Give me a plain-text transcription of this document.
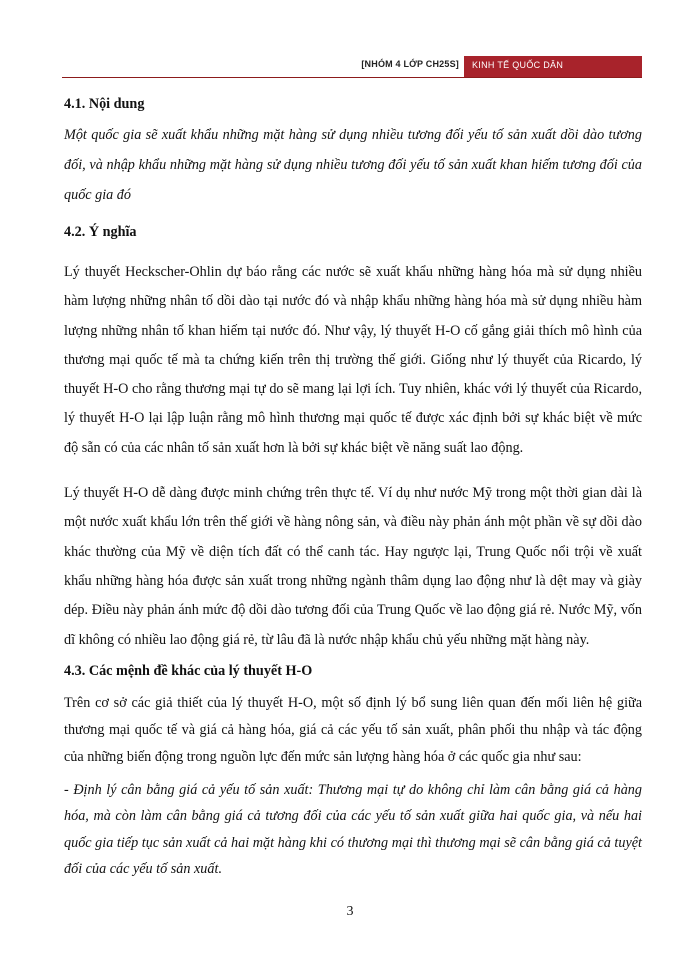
[NHÓM 4 LỚP CH25S] KINH TẾ QUỐC DÂN
4.1. Nội dung

Một quốc gia sẽ xuất khẩu những mặt hàng sử dụng nhiều tương đối yếu tố sản xuất dồi dào tương đối, và nhập khẩu những mặt hàng sử dụng nhiều tương đối yếu tố sản xuất khan hiếm tương đối của quốc gia đó

4.2. Ý nghĩa

Lý thuyết Heckscher-Ohlin dự báo rằng các nước sẽ xuất khẩu những hàng hóa mà sử dụng nhiều hàm lượng những nhân tố dồi dào tại nước đó và nhập khẩu những hàng hóa mà sử dụng nhiều hàm lượng những nhân tố khan hiếm tại nước đó. Như vậy, lý thuyết H-O cố gắng giải thích mô hình của thương mại quốc tế mà ta chứng kiến trên thị trường thế giới. Giống như lý thuyết của Ricardo, lý thuyết H-O cho rằng thương mại tự do sẽ mang lại lợi ích. Tuy nhiên, khác với lý thuyết của Ricardo, lý thuyết H-O lại lập luận rằng mô hình thương mại quốc tế được xác định bởi sự khác biệt về mức độ sẵn có của các nhân tố sản xuất hơn là bởi sự khác biệt về năng suất lao động.

Lý thuyết H-O dễ dàng được minh chứng trên thực tế. Ví dụ như nước Mỹ trong một thời gian dài là một nước xuất khẩu lớn trên thế giới về hàng nông sản, và điều này phản ánh một phần về sự dồi dào khác thường của Mỹ về diện tích đất có thể canh tác. Hay ngược lại, Trung Quốc nổi trội về xuất khẩu những hàng hóa được sản xuất trong những ngành thâm dụng lao động như là dệt may và giày dép. Điều này phản ánh mức độ dồi dào tương đối của Trung Quốc về lao động giá rẻ. Nước Mỹ, vốn dĩ không có nhiều lao động giá rẻ, từ lâu đã là nước nhập khẩu chủ yếu những mặt hàng này.

4.3. Các mệnh đề khác của lý thuyết H-O

Trên cơ sở các giả thiết của lý thuyết H-O, một số định lý bổ sung liên quan đến mối liên hệ giữa thương mại quốc tế và giá cả hàng hóa, giá cả các yếu tố sản xuất, phân phối thu nhập và tác động của những biến động trong nguồn lực đến mức sản lượng hàng hóa ở các quốc gia như sau:

- Định lý cân bằng giá cả yếu tố sản xuất: Thương mại tự do không chỉ làm cân bằng giá cả hàng hóa, mà còn làm cân bằng giá cả tương đối của các yếu tố sản xuất giữa hai quốc gia, và nếu hai quốc gia tiếp tục sản xuất cả hai mặt hàng khi có thương mại thì thương mại sẽ cân bằng giá cả tuyệt đối của các yếu tố sản xuất.

3
